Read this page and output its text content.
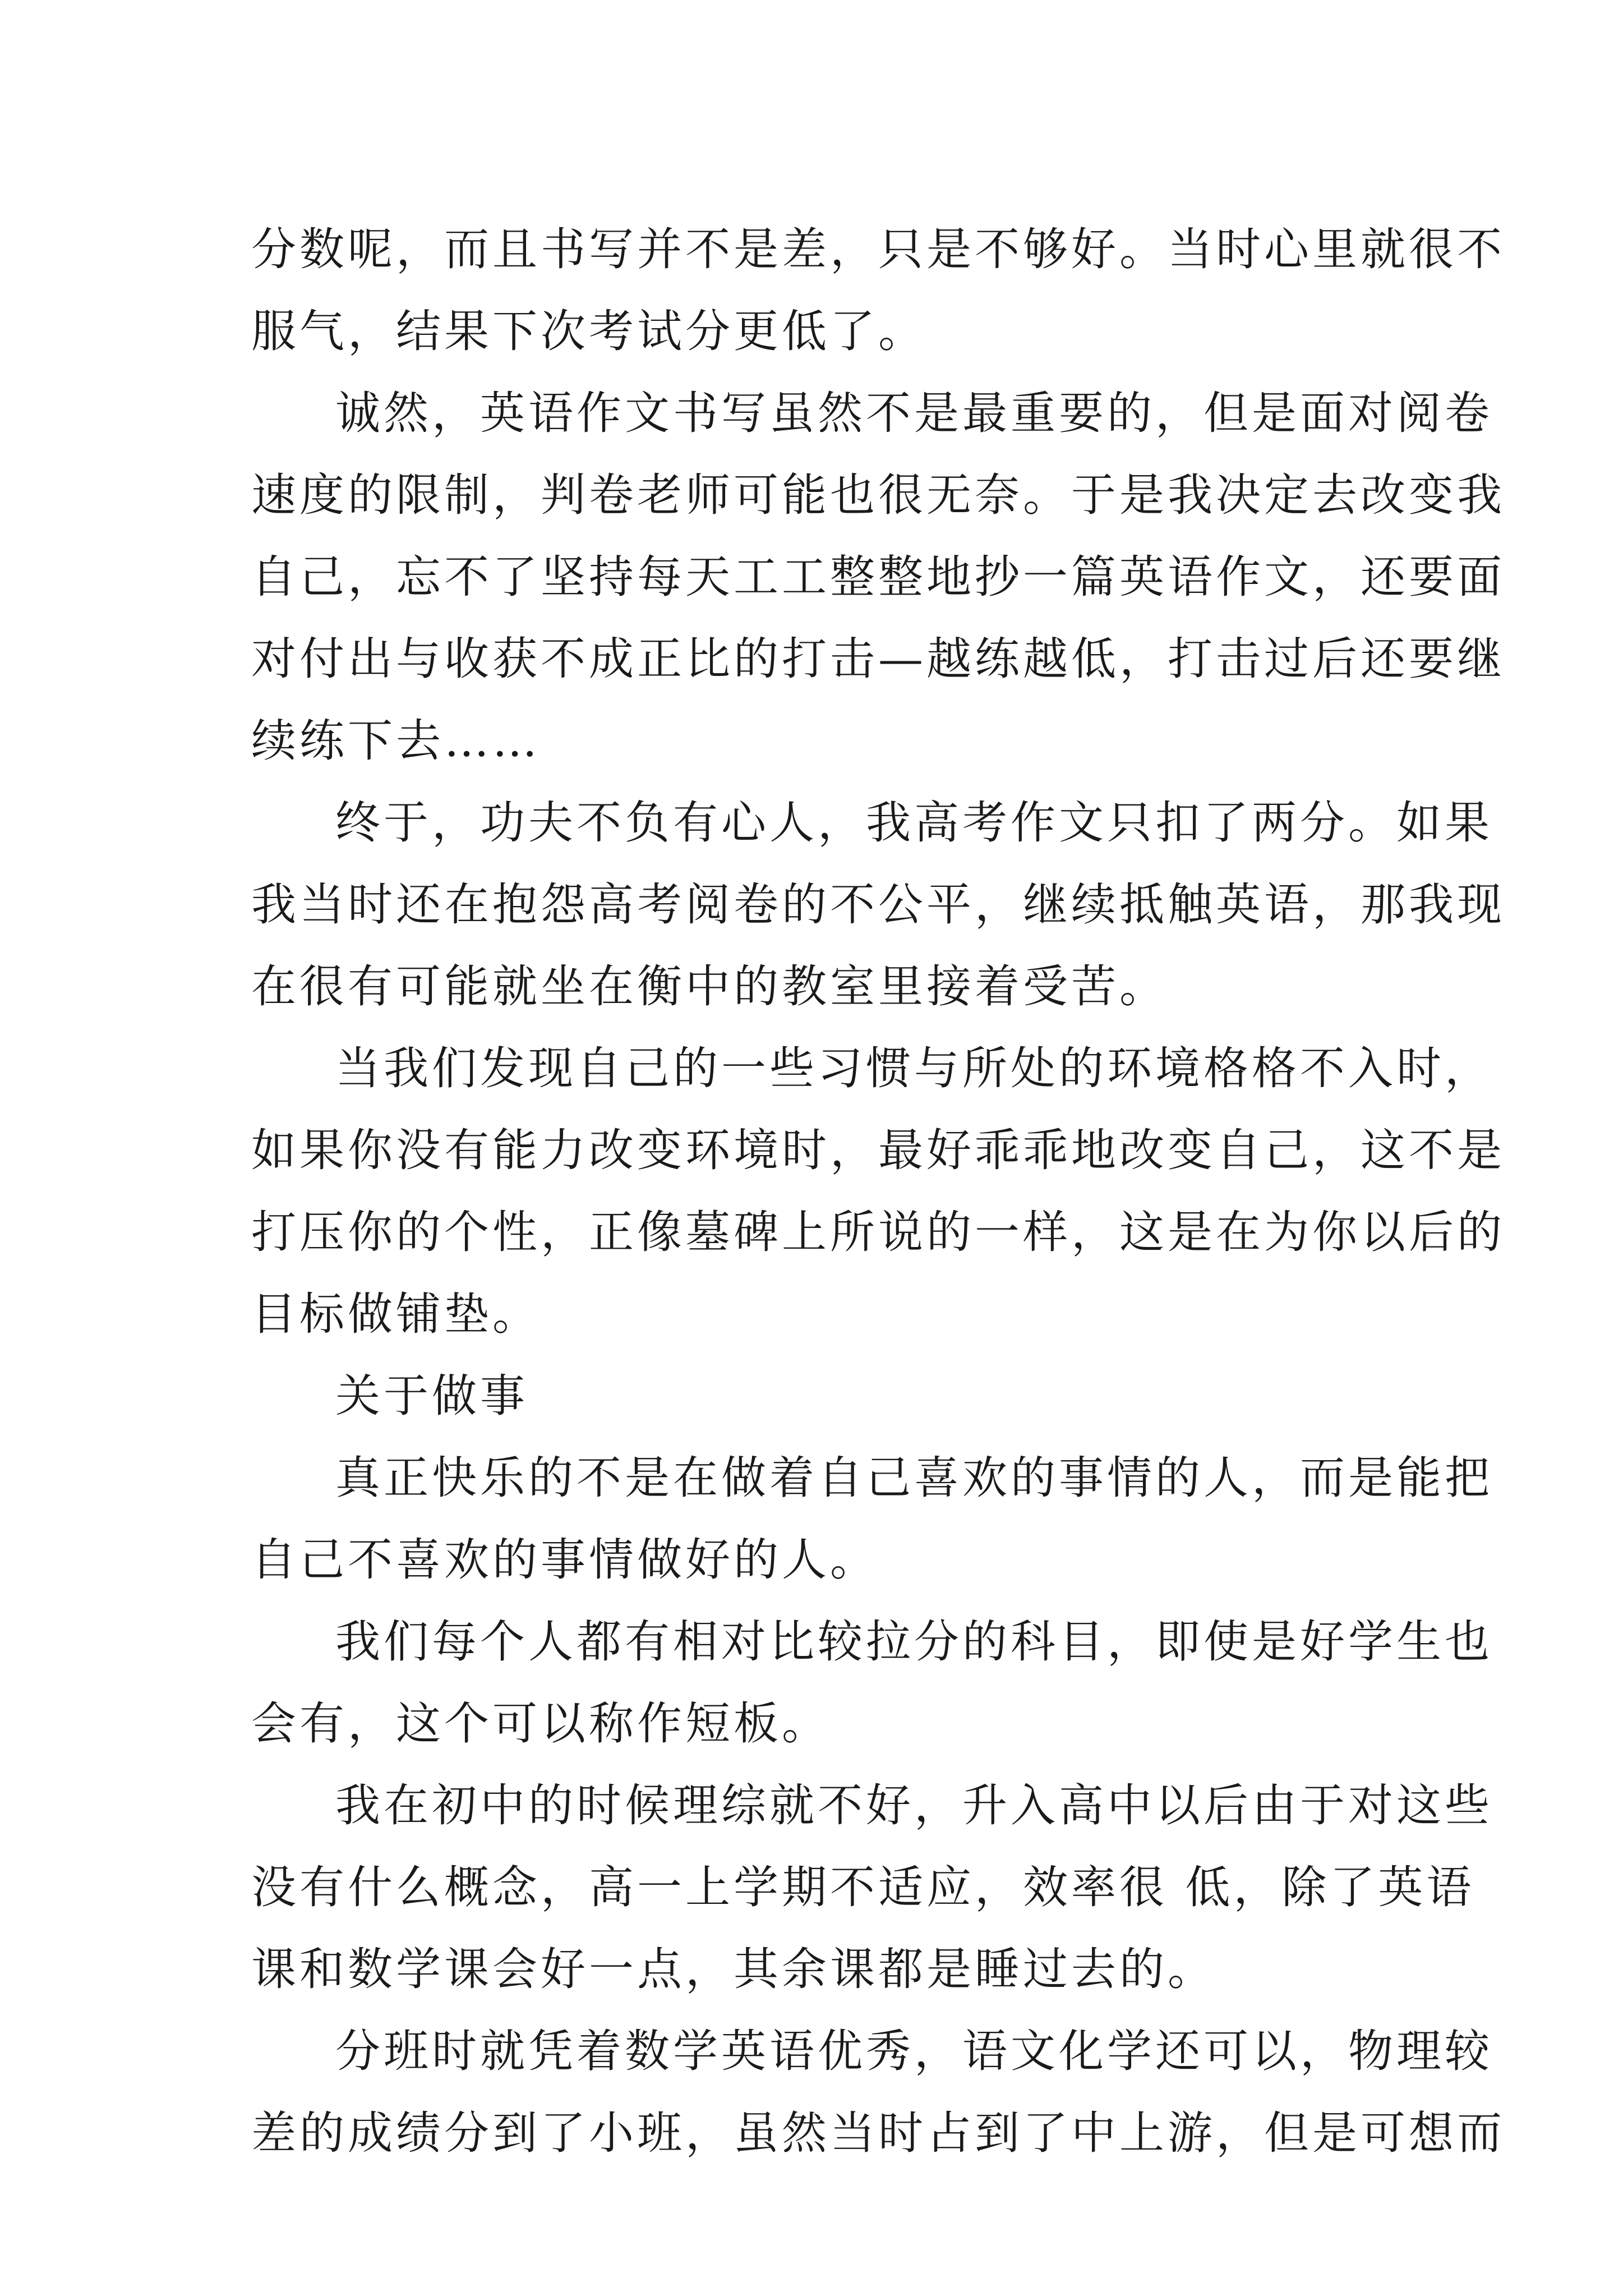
分数呢，而且书写并不是差，只是不够好。当时心里就很不
服气，结果下次考试分更低了。
诚然，英语作文书写虽然不是最重要的，但是面对阅卷
速度的限制，判卷老师可能也很无奈。于是我决定去改变我
自己，忘不了坚持每天工工整整地抄一篇英语作文，还要面
对付出与收获不成正比的打击—越练越低，打击过后还要继
续练下去……
终于，功夫不负有心人，我高考作文只扣了两分。如果
我当时还在抱怨高考阅卷的不公平，继续抵触英语，那我现
在很有可能就坐在衡中的教室里接着受苦。
当我们发现自己的一些习惯与所处的环境格格不入时，
如果你没有能力改变环境时，最好乖乖地改变自己，这不是
打压你的个性，正像墓碑上所说的一样，这是在为你以后的
目标做铺垫。
关于做事
真正快乐的不是在做着自己喜欢的事情的人，而是能把
自己不喜欢的事情做好的人。
我们每个人都有相对比较拉分的科目，即使是好学生也
会有，这个可以称作短板。
我在初中的时候理综就不好，升入高中以后由于对这些
没有什么概念，高一上学期不适应，效率很 低，除了英语
课和数学课会好一点，其余课都是睡过去的。
分班时就凭着数学英语优秀，语文化学还可以，物理较
差的成绩分到了小班，虽然当时占到了中上游，但是可想而
